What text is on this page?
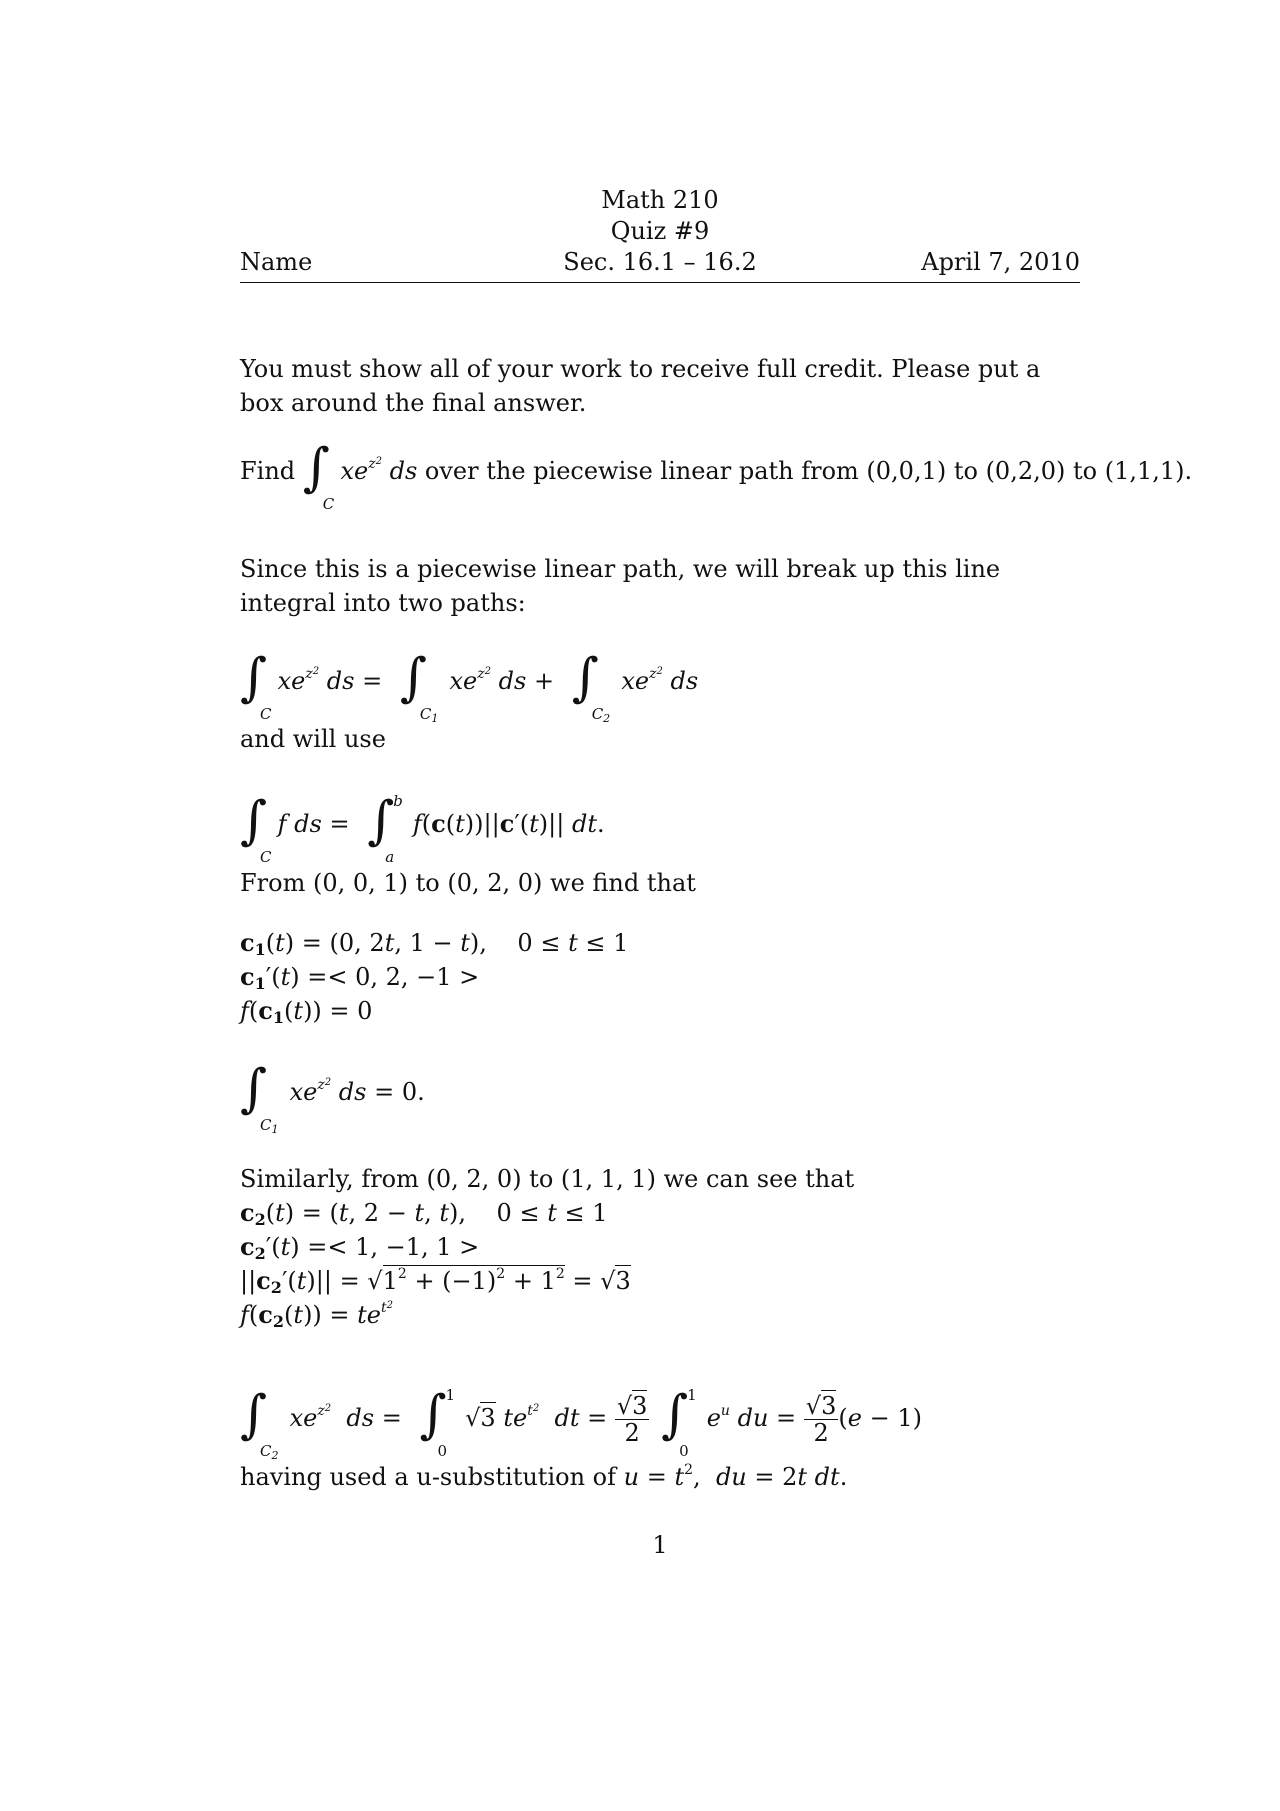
Math 210
Quiz #9
Sec. 16.1 – 16.2
Name	April 7, 2010
You must show all of your work to receive full credit. Please put a box around the final answer.
Find ∫
C
$xe^{z^2}$ ds over the piecewise linear path from (0,0,1) to (0,2,0) to (1,1,1).
Since this is a piecewise linear path, we will break up this line integral into two paths:
∫
C
$xe^{z^2}$ ds = ∫
$C_1$
$xe^{z^2}$ ds + ∫
$C_2$
$xe^{z^2}$ ds
and will use
∫
C
f ds = ∫
b
a
f(c(t))||c′(t)|| dt.
From (0, 0, 1) to (0, 2, 0) we find that
$c_1(t) = (0$, 2t, 1 − t),    0 ≤ t ≤ 1
$c_1'(t) =< 0$, 2, −1 >
$f(c_1(t)) = 0$
∫
$C_1$
$xe^{z^2}$ ds = 0.
Similarly, from (0, 2, 0) to (1, 1, 1) we can see that
$c_2(t) = (t$, 2 − t, t),    0 ≤ t ≤ 1
$c_2'(t) =< 1$, −1, 1 >
$||c_2'(t)|| = √1^2 + (-1)^2 + 1^2 = √3$
$f(c_2(t)) = te^{t^2}$
∫
$C_2$
$xe^{z^2}$ ds = ∫
1
0
√3 $te^{t^2}$ dt = $\frac{√3}{2}$ ∫
1
0
$e^u$ du = $\frac{√3}{2} (e - 1)$
having used a u-substitution of $u = t^2$,  du = 2t dt.
1
